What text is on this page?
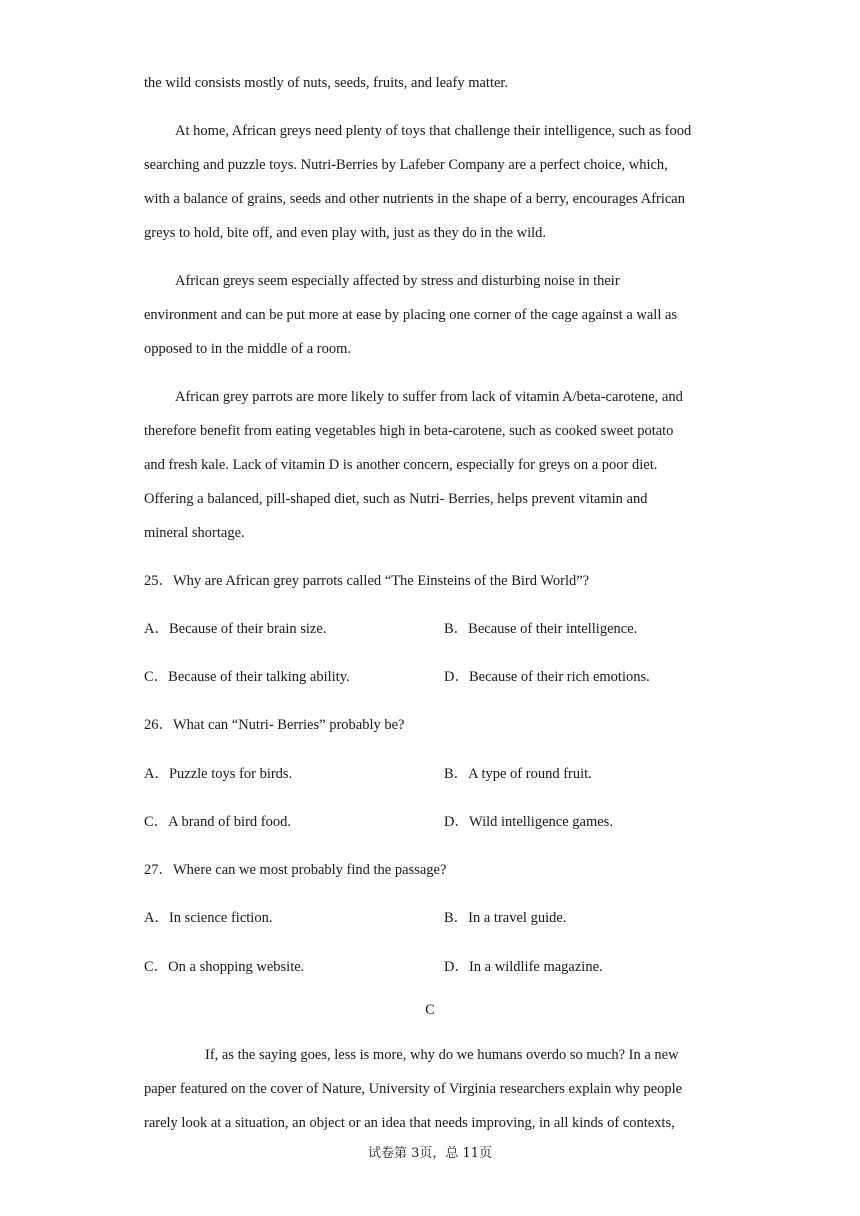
the wild consists mostly of nuts, seeds, fruits, and leafy matter.
At home, African greys need plenty of toys that challenge their intelligence, such as food
searching and puzzle toys. Nutri-Berries by Lafeber Company are a perfect choice, which,
with a balance of grains, seeds and other nutrients in the shape of a berry, encourages African
greys to hold, bite off, and even play with, just as they do in the wild.
African greys seem especially affected by stress and disturbing noise in their
environment and can be put more at ease by placing one corner of the cage against a wall as
opposed to in the middle of a room.
African grey parrots are more likely to suffer from lack of vitamin A/beta-carotene, and
therefore benefit from eating vegetables high in beta-carotene, such as cooked sweet potato
and fresh kale. Lack of vitamin D is another concern, especially for greys on a poor diet.
Offering a balanced, pill-shaped diet, such as Nutri- Berries, helps prevent vitamin and
mineral shortage.
25．Why are African grey parrots called “The Einsteins of the Bird World”?
A．Because of their brain size.	B．Because of their intelligence.
C．Because of their talking ability.	D．Because of their rich emotions.
26．What can “Nutri- Berries” probably be?
A．Puzzle toys for birds.	B．A type of round fruit.
C．A brand of bird food.	D．Wild intelligence games.
27．Where can we most probably find the passage?
A．In science fiction.	B．In a travel guide.
C．On a shopping website.	D．In a wildlife magazine.
C
If, as the saying goes, less is more, why do we humans overdo so much? In a new
paper featured on the cover of Nature, University of Virginia researchers explain why people
rarely look at a situation, an object or an idea that needs improving, in all kinds of contexts,
试卷第 3页，总 11页
